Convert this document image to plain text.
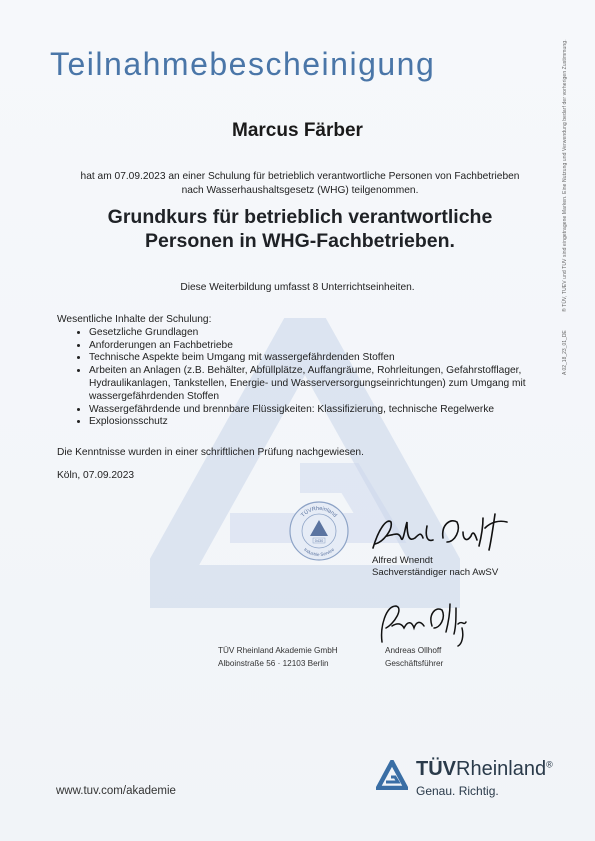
Teilnahmebescheinigung
Marcus Färber
hat am 07.09.2023 an einer Schulung für betrieblich verantwortliche Personen von Fachbetrieben
nach Wasserhaushaltsgesetz (WHG) teilgenommen.
Grundkurs für betrieblich verantwortliche
Personen in WHG-Fachbetrieben.
Diese Weiterbildung umfasst 8 Unterrichtseinheiten.
Wesentliche Inhalte der Schulung:
• Gesetzliche Grundlagen
• Anforderungen an Fachbetriebe
• Technische Aspekte beim Umgang mit wassergefährdenden Stoffen
• Arbeiten an Anlagen (z.B. Behälter, Abfüllplätze, Auffangräume, Rohrleitungen, Gefahrstofflager, Hydraulikanlagen, Tankstellen, Energie- und Wasserversorgungseinrichtungen) zum Umgang mit wassergefährdenden Stoffen
• Wassergefährdende und brennbare Flüssigkeiten: Klassifizierung, technische Regelwerke
• Explosionsschutz
Die Kenntnisse wurden in einer schriftlichen Prüfung nachgewiesen.
Köln, 07.09.2023
TÜVRheinland
Industrie Service
0430
Alfred Wnendt
Sachverständiger nach AwSV
TÜV Rheinland Akademie GmbH
Alboinstraße 56 · 12103 Berlin
Andreas Ollhoff
Geschäftsführer
® TÜV, TUEV und TUV sind eingetragene Marken. Eine Nutzung und Verwendung bedarf der vorherigen Zustimmung.
A 02_18_23_01_DE
www.tuv.com/akademie
TÜVRheinland®
Genau. Richtig.
